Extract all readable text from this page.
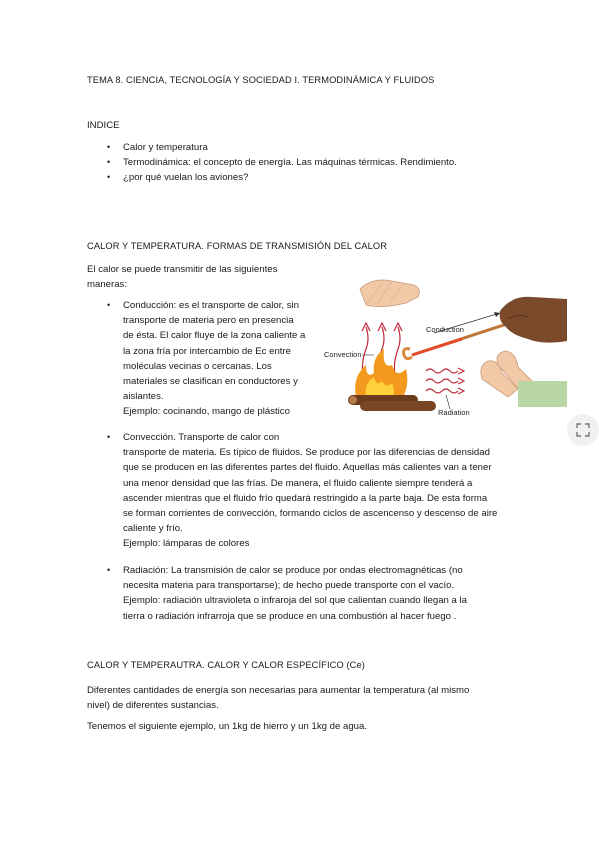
TEMA 8. CIENCIA, TECNOLOGÍA Y SOCIEDAD I. TERMODINÁMICA Y FLUIDOS
INDICE
• Calor y temperatura
• Termodinámica: el concepto de energía. Las máquinas térmicas. Rendimiento.
• ¿por qué vuelan los aviones?
CALOR Y TEMPERATURA. FORMAS DE TRANSMISIÓN DEL CALOR
El calor se puede transmitir de las siguientes
maneras:
• Conducción: es el transporte de calor, sin
transporte de materia pero en presencia
de ésta. El calor fluye de la zona caliente a
la zona fría por intercambio de Ec entre
moléculas vecinas o cercanas. Los
materiales se clasifican en conductores y
aislantes.
Ejemplo: cocinando, mango de plástico
• Convección. Transporte de calor con
transporte de materia. Es típico de fluidos. Se produce por las diferencias de densidad
que se producen en las diferentes partes del fluido. Aquellas más calientes van a tener
una menor densidad que las frías. De manera, el fluido caliente siempre tenderá a
ascender mientras que el fluido frío quedará restringido a la parte baja. De esta forma
se forman corrientes de convección, formando ciclos de ascencenso y descenso de aire
caliente y frío.
Ejemplo: lámparas de colores
• Radiación: La transmisión de calor se produce por ondas electromagnéticas (no
necesita materia para transportarse); de hecho puede transporte con el vacío.
Ejemplo: radiación ultravioleta o infraroja del sol que calientan cuando llegan a la
tierra o radiación infrarroja que se produce en una combustión al hacer fuego .
Conduction
Convection
Radiation
CALOR Y TEMPERAUTRA. CALOR Y CALOR ESPECÍFICO (Ce)
Diferentes cantidades de energía son necesarias para aumentar la temperatura (al mismo
nivel) de diferentes sustancias.
Tenemos el siguiente ejemplo, un 1kg de hierro y un 1kg de agua.
